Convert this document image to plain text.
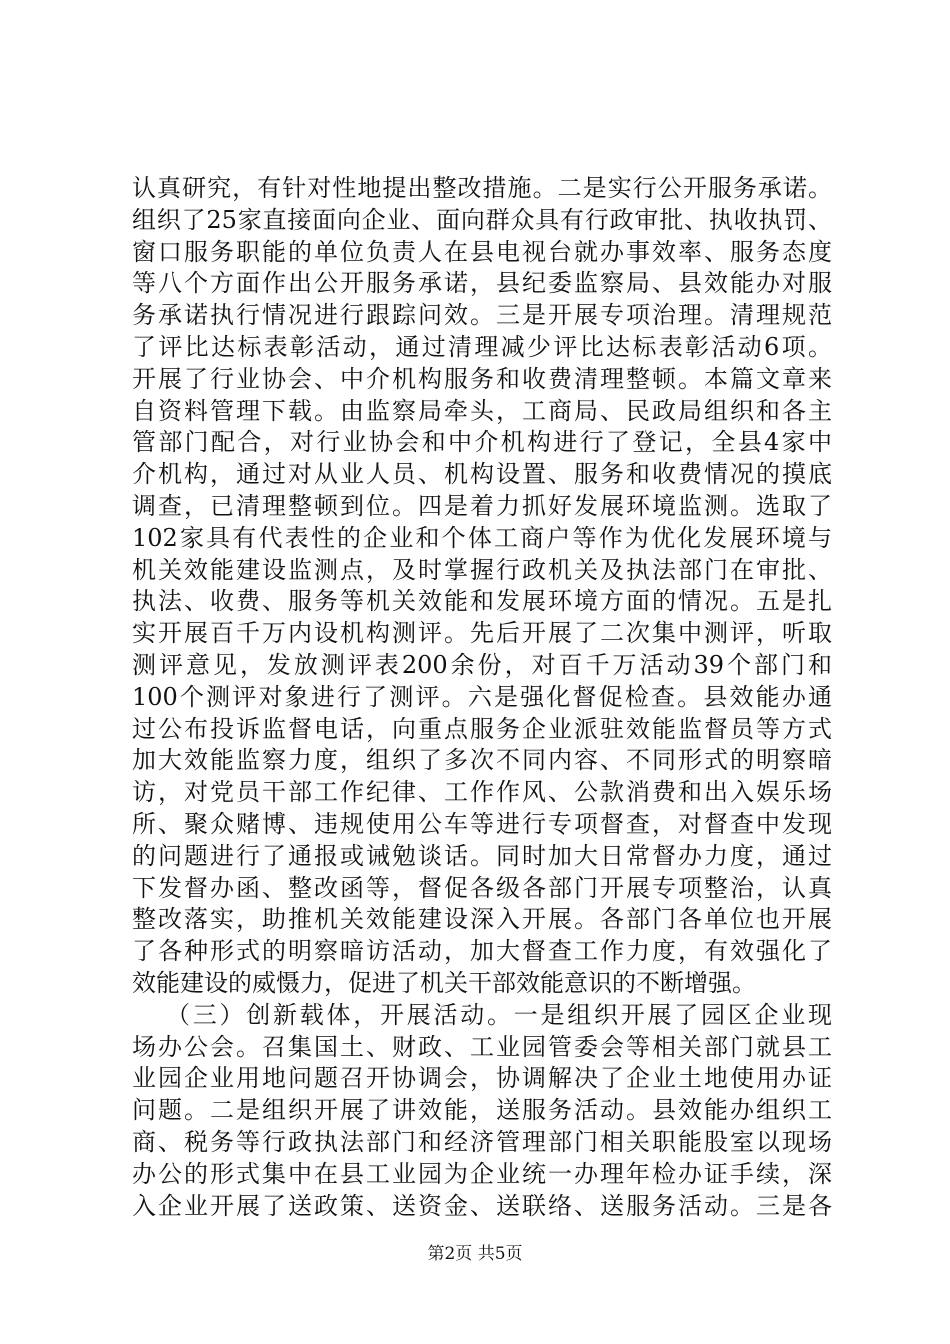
认真研究，有针对性地提出整改措施。二是实行公开服务承诺。
组织了25家直接面向企业、面向群众具有行政审批、执收执罚、
窗口服务职能的单位负责人在县电视台就办事效率、服务态度
等八个方面作出公开服务承诺，县纪委监察局、县效能办对服
务承诺执行情况进行跟踪问效。三是开展专项治理。清理规范
了评比达标表彰活动，通过清理减少评比达标表彰活动6项。
开展了行业协会、中介机构服务和收费清理整顿。本篇文章来
自资料管理下载。由监察局牵头，工商局、民政局组织和各主
管部门配合，对行业协会和中介机构进行了登记，全县4家中
介机构，通过对从业人员、机构设置、服务和收费情况的摸底
调查，已清理整顿到位。四是着力抓好发展环境监测。选取了
102家具有代表性的企业和个体工商户等作为优化发展环境与
机关效能建设监测点，及时掌握行政机关及执法部门在审批、
执法、收费、服务等机关效能和发展环境方面的情况。五是扎
实开展百千万内设机构测评。先后开展了二次集中测评，听取
测评意见，发放测评表200余份，对百千万活动39个部门和
100个测评对象进行了测评。六是强化督促检查。县效能办通
过公布投诉监督电话，向重点服务企业派驻效能监督员等方式
加大效能监察力度，组织了多次不同内容、不同形式的明察暗
访，对党员干部工作纪律、工作作风、公款消费和出入娱乐场
所、聚众赌博、违规使用公车等进行专项督查，对督查中发现
的问题进行了通报或诫勉谈话。同时加大日常督办力度，通过
下发督办函、整改函等，督促各级各部门开展专项整治，认真
整改落实，助推机关效能建设深入开展。各部门各单位也开展
了各种形式的明察暗访活动，加大督查工作力度，有效强化了
效能建设的威慑力，促进了机关干部效能意识的不断增强。
（三）创新载体，开展活动。一是组织开展了园区企业现
场办公会。召集国土、财政、工业园管委会等相关部门就县工
业园企业用地问题召开协调会，协调解决了企业土地使用办证
问题。二是组织开展了讲效能，送服务活动。县效能办组织工
商、税务等行政执法部门和经济管理部门相关职能股室以现场
办公的形式集中在县工业园为企业统一办理年检办证手续，深
入企业开展了送政策、送资金、送联络、送服务活动。三是各
第2页 共5页
